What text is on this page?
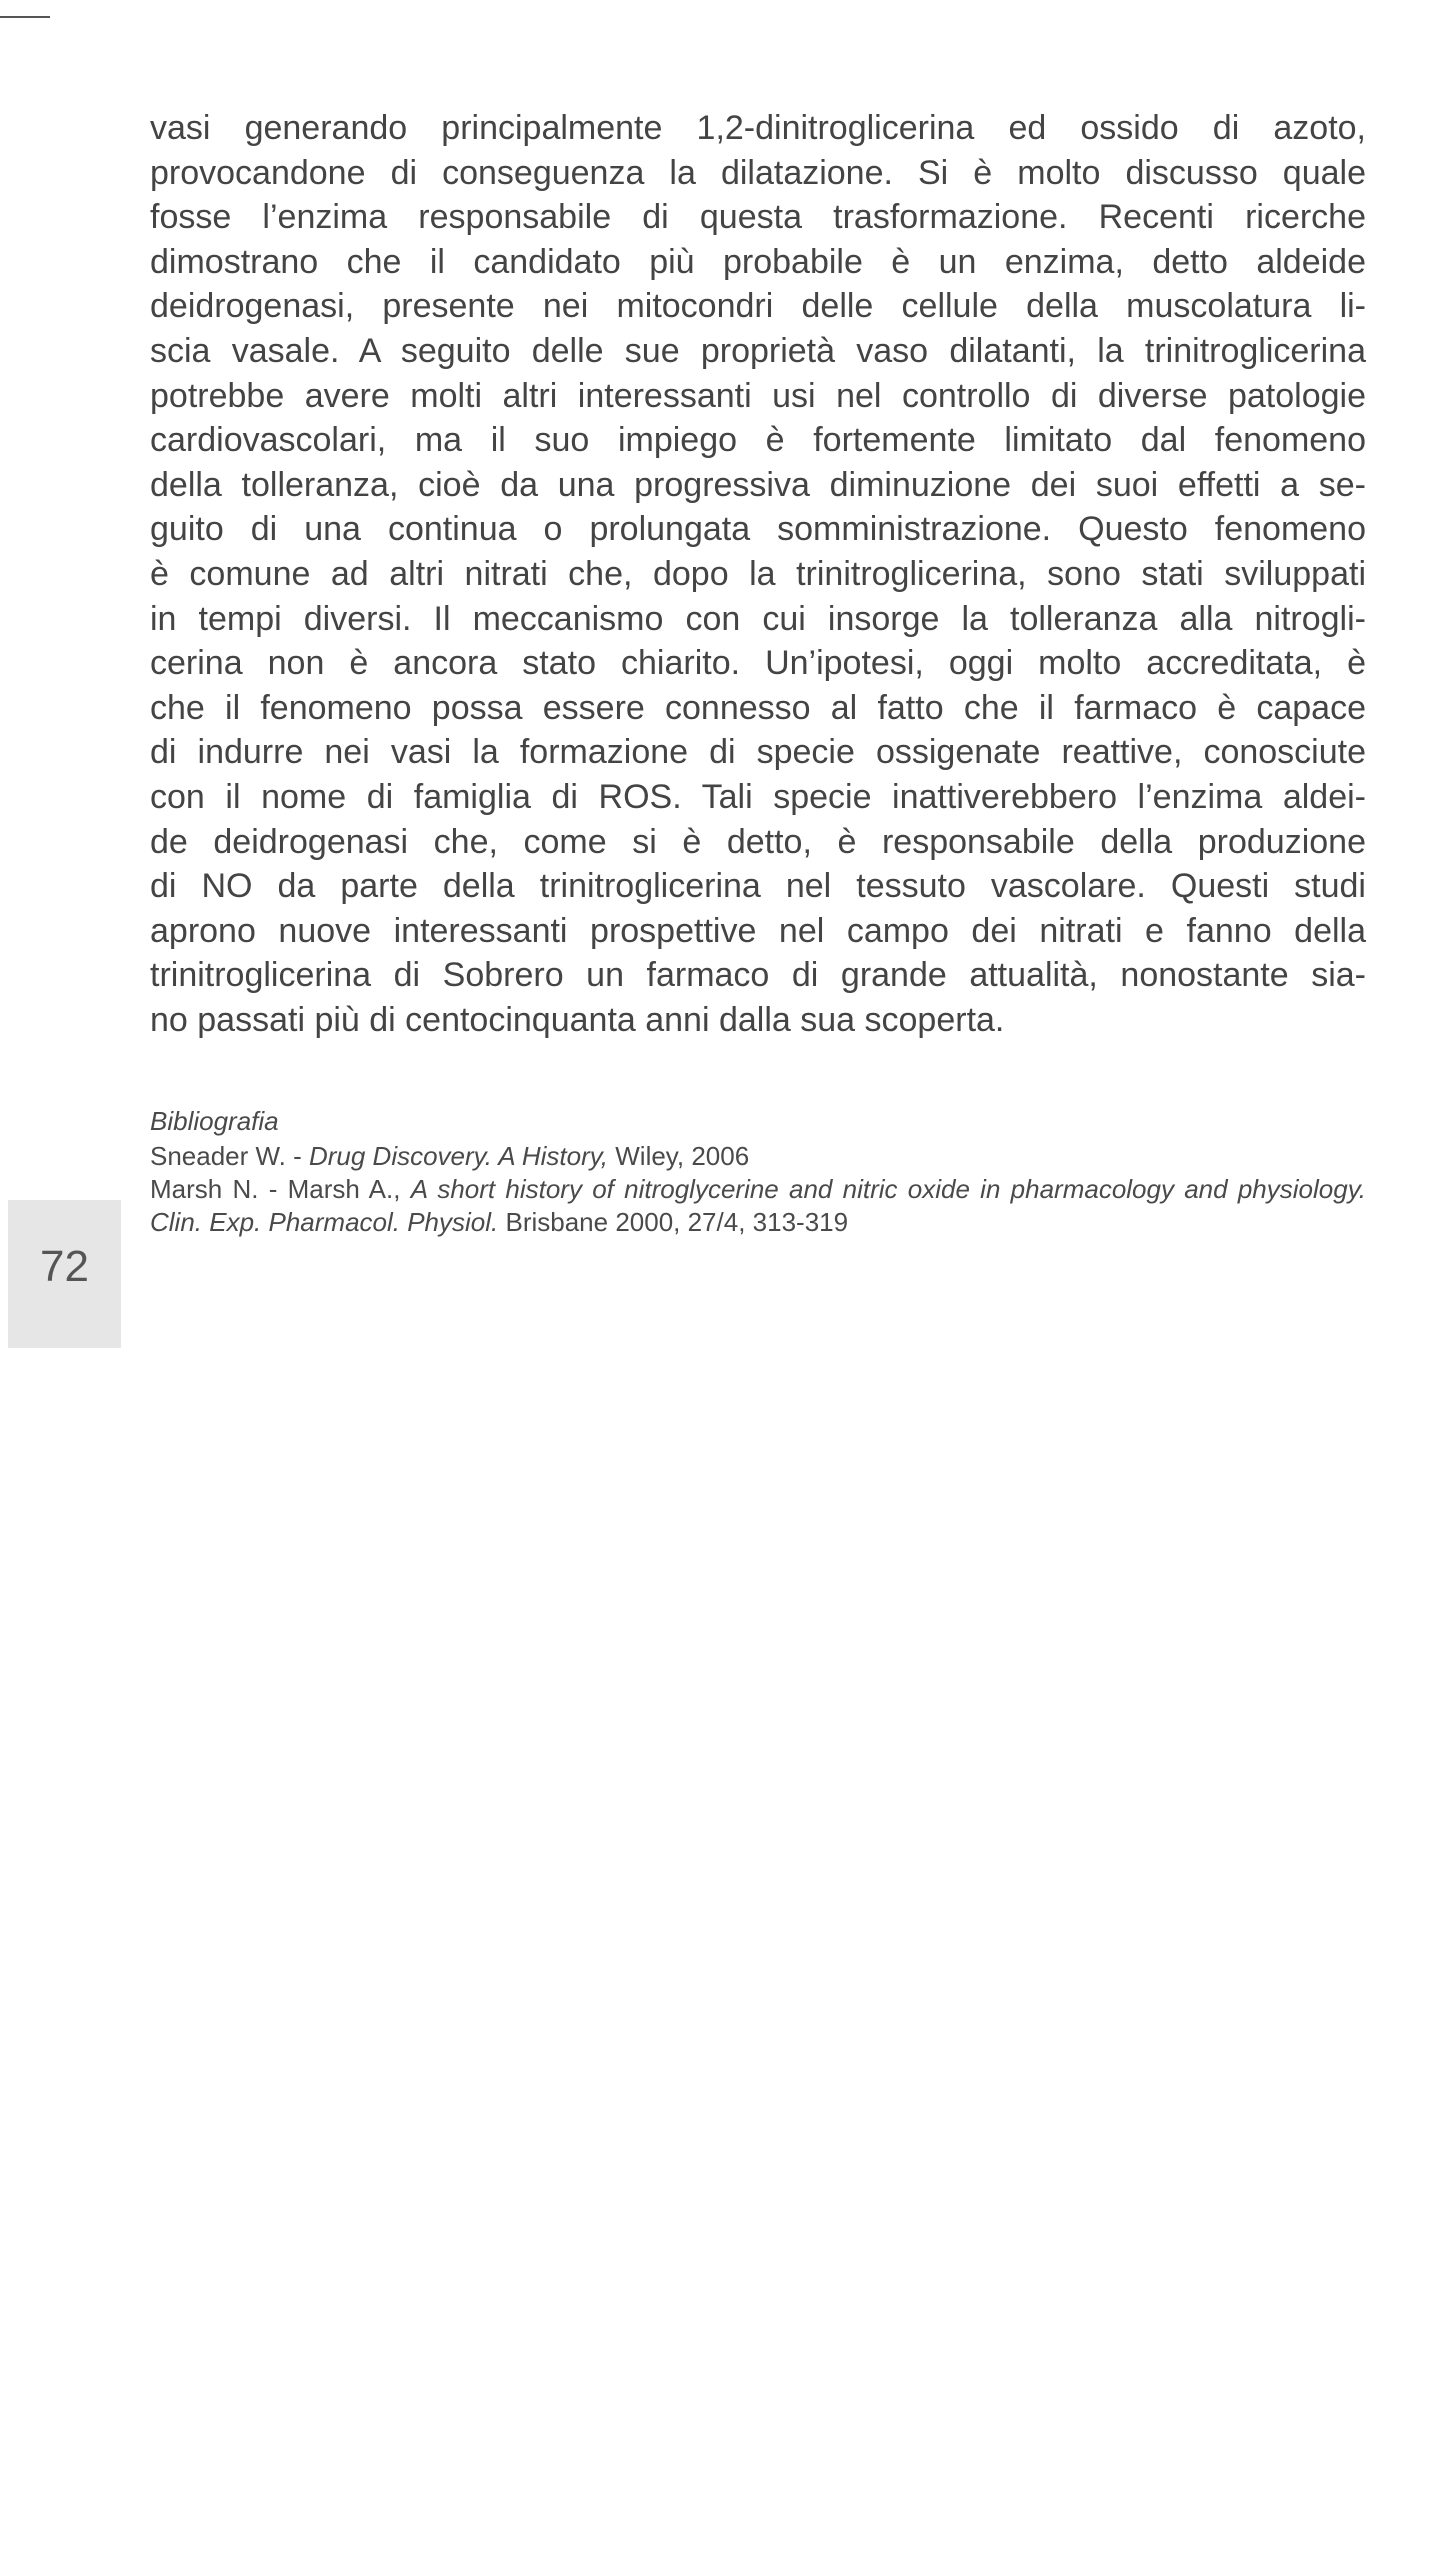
72
vasi generando principalmente 1,2-dinitroglicerina ed ossido di azoto,
provocandone di conseguenza la dilatazione. Si è molto discusso quale
fosse l’enzima responsabile di questa trasformazione. Recenti ricerche
dimostrano che il candidato più probabile è un enzima, detto aldeide
deidrogenasi, presente nei mitocondri delle cellule della muscolatura li-
scia vasale. A seguito delle sue proprietà vaso dilatanti, la trinitroglicerina
potrebbe avere molti altri interessanti usi nel controllo di diverse patologie
cardiovascolari, ma il suo impiego è fortemente limitato dal fenomeno
della tolleranza, cioè da una progressiva diminuzione dei suoi effetti a se-
guito di una continua o prolungata somministrazione. Questo fenomeno
è comune ad altri nitrati che, dopo la trinitroglicerina, sono stati sviluppati
in tempi diversi. Il meccanismo con cui insorge la tolleranza alla nitrogli-
cerina non è ancora stato chiarito. Un’ipotesi, oggi molto accreditata, è
che il fenomeno possa essere connesso al fatto che il farmaco è capace
di indurre nei vasi la formazione di specie ossigenate reattive, conosciute
con il nome di famiglia di ROS. Tali specie inattiverebbero l’enzima aldei-
de deidrogenasi che, come si è detto, è responsabile della produzione
di NO da parte della trinitroglicerina nel tessuto vascolare. Questi studi
aprono nuove interessanti prospettive nel campo dei nitrati e fanno della
trinitroglicerina di Sobrero un farmaco di grande attualità, nonostante sia-
no passati più di centocinquanta anni dalla sua scoperta.
Bibliografia
Sneader W. - Drug Discovery. A History, Wiley, 2006
Marsh N. - Marsh A., A short history of nitroglycerine and nitric oxide in pharmacology and physiology. Clin. Exp. Pharmacol. Physiol. Brisbane 2000, 27/4, 313-319
